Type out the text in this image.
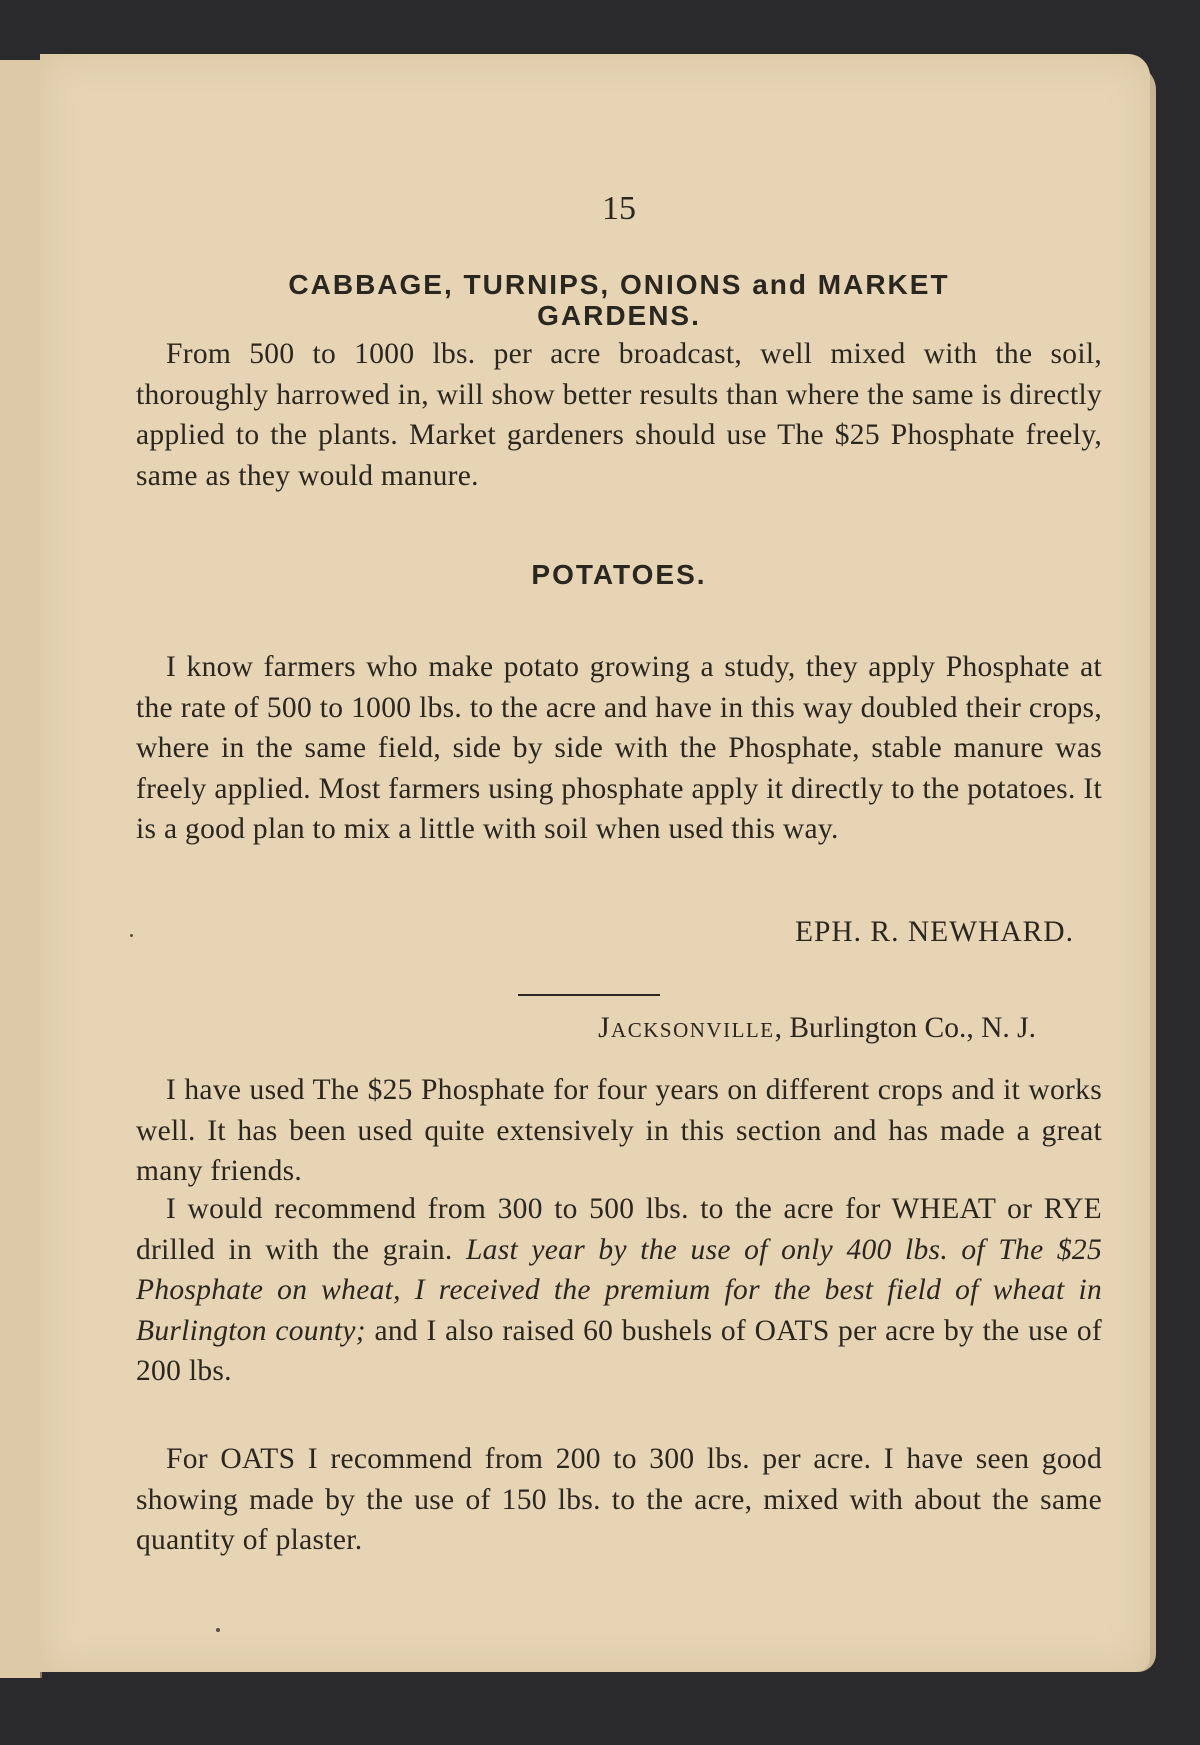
15

CABBAGE, TURNIPS, ONIONS and MARKET
GARDENS.

From 500 to 1000 lbs. per acre broadcast, well mixed with the soil, thoroughly harrowed in, will show better results than where the same is directly applied to the plants. Market gardeners should use The $25 Phosphate freely, same as they would manure.

POTATOES.

I know farmers who make potato growing a study, they apply Phosphate at the rate of 500 to 1000 lbs. to the acre and have in this way doubled their crops, where in the same field, side by side with the Phosphate, stable manure was freely applied. Most farmers using phosphate apply it directly to the potatoes. It is a good plan to mix a little with soil when used this way.

EPH. R. NEWHARD.

Jacksonville, Burlington Co., N. J.

I have used The $25 Phosphate for four years on different crops and it works well. It has been used quite extensively in this section and has made a great many friends.

I would recommend from 300 to 500 lbs. to the acre for WHEAT or RYE drilled in with the grain. Last year by the use of only 400 lbs. of The $25 Phosphate on wheat, I received the premium for the best field of wheat in Burlington county; and I also raised 60 bushels of OATS per acre by the use of 200 lbs.

For OATS I recommend from 200 to 300 lbs. per acre. I have seen good showing made by the use of 150 lbs. to the acre, mixed with about the same quantity of plaster.
